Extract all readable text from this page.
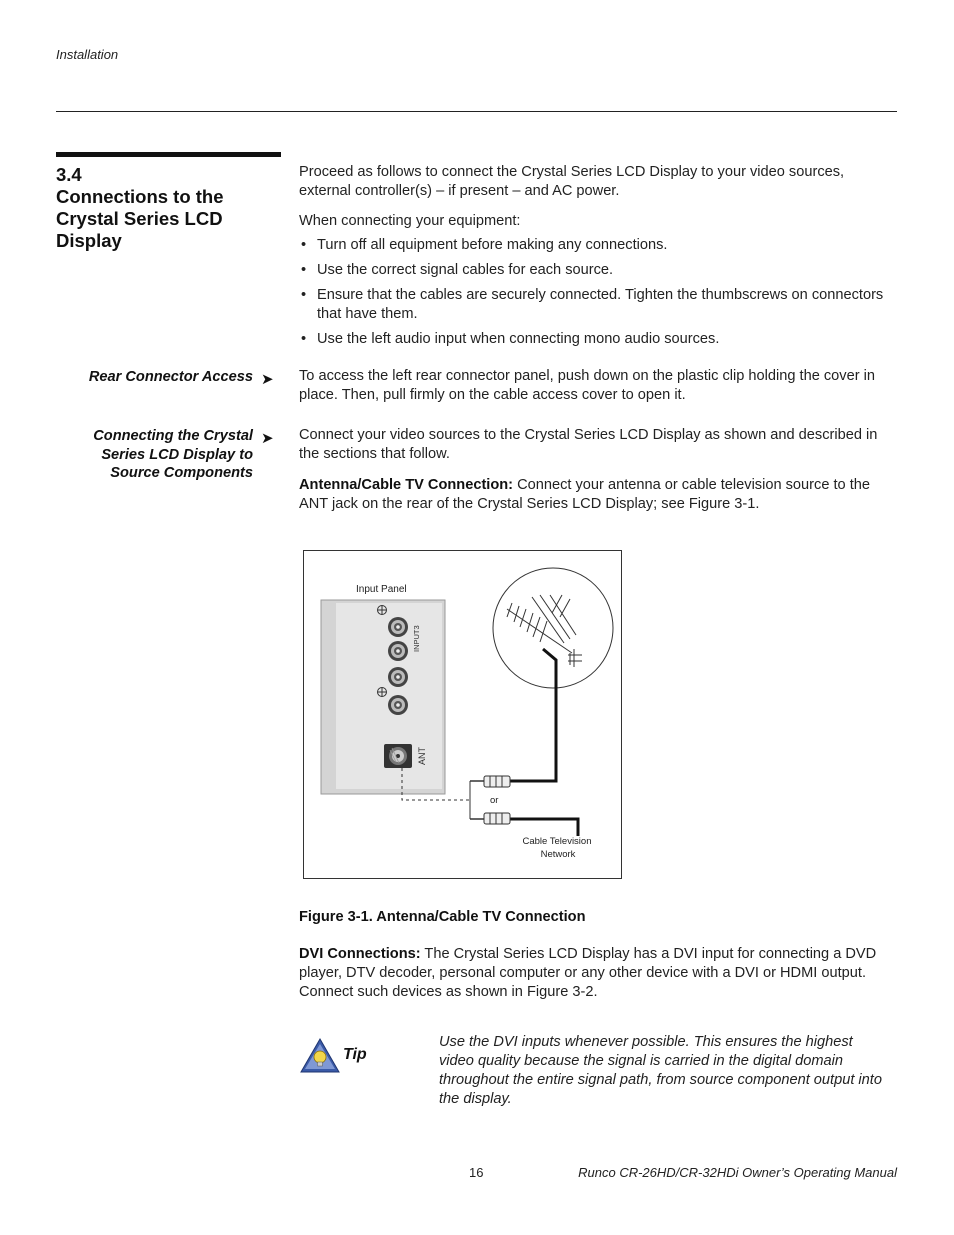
Installation
3.4
Connections to the
Crystal Series LCD
Display
Proceed as follows to connect the Crystal Series LCD Display to your video sources, external controller(s) – if present – and AC power.
When connecting your equipment:
• Turn off all equipment before making any connections.
• Use the correct signal cables for each source.
• Ensure that the cables are securely connected. Tighten the thumbscrews on connectors that have them.
• Use the left audio input when connecting mono audio sources.
Rear Connector Access ➤ To access the left rear connector panel, push down on the plastic clip holding the cover in place. Then, pull firmly on the cable access cover to open it.
Connecting the Crystal
Series LCD Display to
Source Components
➤ Connect your video sources to the Crystal Series LCD Display as shown and described in the sections that follow.
Antenna/Cable TV Connection: Connect your antenna or cable television source to the ANT jack on the rear of the Crystal Series LCD Display; see Figure 3-1.
Input Panel
INPUT3
ANT
or
Cable Television
Network
Figure 3-1. Antenna/Cable TV Connection
DVI Connections: The Crystal Series LCD Display has a DVI input for connecting a DVD player, DTV decoder, personal computer or any other device with a DVI or HDMI output. Connect such devices as shown in Figure 3-2.
Tip
Use the DVI inputs whenever possible. This ensures the highest video quality because the signal is carried in the digital domain throughout the entire signal path, from source component output into the display.
16	Runco CR-26HD/CR-32HDi Owner’s Operating Manual
